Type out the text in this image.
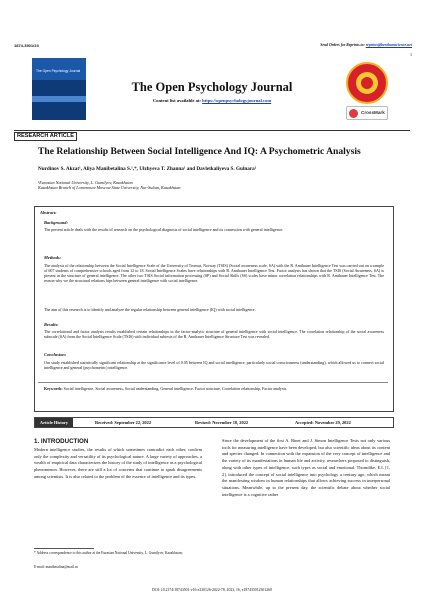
1874-3501/23	Send Orders for Reprints to: reprints@benthamscience.net
1
The Open Psychology Journal
The Open Psychology Journal
Content list available at: https://openpsychologyjournal.com
CrossMark
RESEARCH ARTICLE
The Relationship Between Social Intelligence And IQ: A Psychometric Analysis
Nurdinov S. Akzat¹, Aliya Manibetalina S.¹,*, Ulzhyeva T. Zhanna¹ and Davletkaliyeva S. Gulnara¹
¹Eurasian National University, L. Gumilyov, Kazakhstan
Kazakhstan Branch of Lomonosov Moscow State University, Nur-Sultan, Kazakhstan
Abstract:
Background:
The present article deals with the results of research on the psychological diagnosis of social intelligence and its connection with general intelligence.
Methods:
The analysis of the relationship between the Social Intelligence Scale of the University of Tromsø, Norway (TSIS) (Social awareness scale, SA) with the R. Amthauer Intelligence Test was carried out on a sample of 607 students of comprehensive schools aged from 12 to 18. Social Intelligence Scales have relationships with R. Amthauer Intelligence Test. Factor analysis has shown that the TSIS (Social Awareness, SA) is present in the structure of general intelligence. The other two TSIS Social information processing (SP) and Social Skills (SS) scales have minor correlation relationships with R. Amthauer Intelligence Test. The reason why we the structural relations hips between general intelligence with social intelligence.
The aim of this research is to identify and analyze the regular relationship between general intelligence (IQ) with social intelligence.
Results:
The correlational and factor analysis results established certain relationships in the factor-analytic structure of general intelligence with social intelligence. The correlation relationship of the social awareness subscale (SA) from the Social Intelligence Scale (TSIS) with individual subtests of the R. Amthauer Intelligence Structure Test was revealed.
Conclusion:
Our study established statistically significant relationship at the significance level of 0.05 between IQ and social intelligence, particularly social consciousness (understanding), which allowed us to connect social intelligence and general (psychometric) intelligence.
Keywords: Social intelligence, Social awareness, Social understanding, General intelligence, Factor structure, Correlation relationship, Factor analysis.
Article History	Received: September 22, 2022	Revised: November 18, 2022	Accepted: November 29, 2022
1. INTRODUCTION
Modern intelligence studies, the results of which sometimes contradict each other, confirm only the complexity and versatility of its psychological nature. A large variety of approaches, a wealth of empirical data characterizes the history of the study of intelligence as a psychological phenomenon. However, there are still a lot of concerns that continue to spark disagreements among scientists. It is also related to the problem of the essence of intelligence and its types.
Since the development of the first A. Binet and J. Simon Intelligence Tests not only various tools for measuring intelligence have been developed, but also scientific ideas about its content and species changed. In connection with the expansion of the very concept of intelligence and the variety of its manifestations in human life and activity, researchers proposed to distinguish, along with other types of intelligence, such types as social and emotional. Thorndike, E.L [1, 2], introduced the concept of social intelligence into psychology a century ago, which meant the manifesting wisdom in human relationships that allows achieving success in interpersonal situations. Meanwhile, up to the present day, the scientific debate about whether social intelligence is a cognitive rather
* Address correspondence to this author at the Eurasian National University, L. Gumilyov, Kazakhstan;
E-mail: manibetalina@mail.ru
DOI: 10.2174/18743501-v16-e230126-2022-78, 2023, 16, e187435012301260
